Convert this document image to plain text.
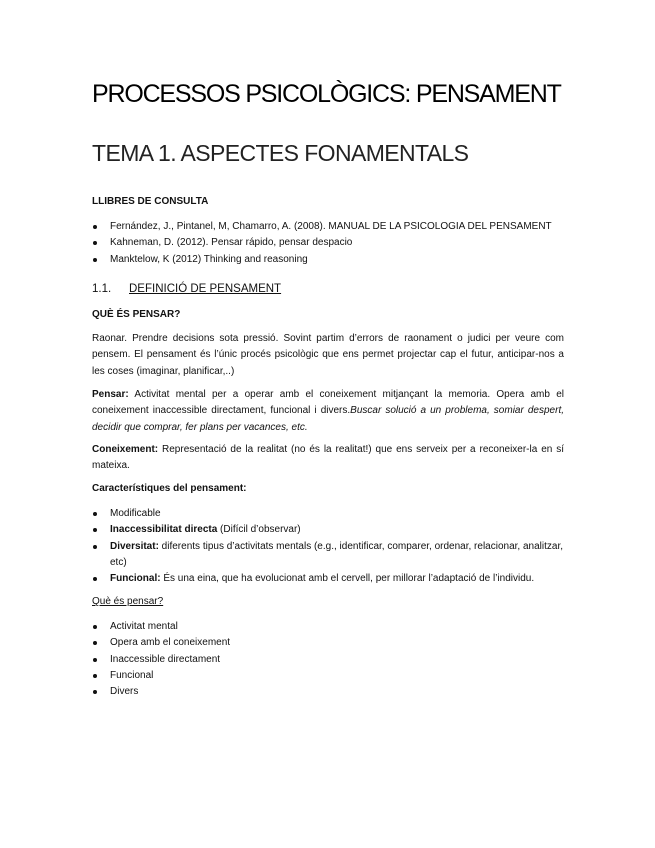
PROCESSOS PSICOLÒGICS: PENSAMENT
TEMA 1. ASPECTES FONAMENTALS
LLIBRES DE CONSULTA
Fernández, J., Pintanel, M, Chamarro, A. (2008). MANUAL DE LA PSICOLOGIA DEL PENSAMENT
Kahneman, D. (2012). Pensar rápido, pensar despacio
Manktelow, K (2012) Thinking and reasoning
1.1. DEFINICIÓ DE PENSAMENT
QUÈ ÉS PENSAR?

Raonar. Prendre decisions sota pressió. Sovint partim d’errors de raonament o judici per veure com pensem. El pensament és l’únic procés psicològic que ens permet projectar cap el futur, anticipar-nos a les coses (imaginar, planificar,..)

Pensar: Activitat mental per a operar amb el coneixement mitjançant la memoria. Opera amb el coneixement inaccessible directament, funcional i divers.Buscar solució a un problema, somiar despert, decidir que comprar, fer plans per vacances, etc.

Coneixement: Representació de la realitat (no és la realitat!) que ens serveix per a reconeixer-la en sí mateixa.

Característiques del pensament:
Modificable
Inaccessibilitat directa (Difícil d’observar)
Diversitat: diferents tipus d’activitats mentals (e.g., identificar, comparer, ordenar, relacionar, analitzar, etc)
Funcional: És una eina, que ha evolucionat amb el cervell, per millorar l’adaptació de l’individu.
Què és pensar?
Activitat mental
Opera amb el coneixement
Inaccessible directament
Funcional
Divers
